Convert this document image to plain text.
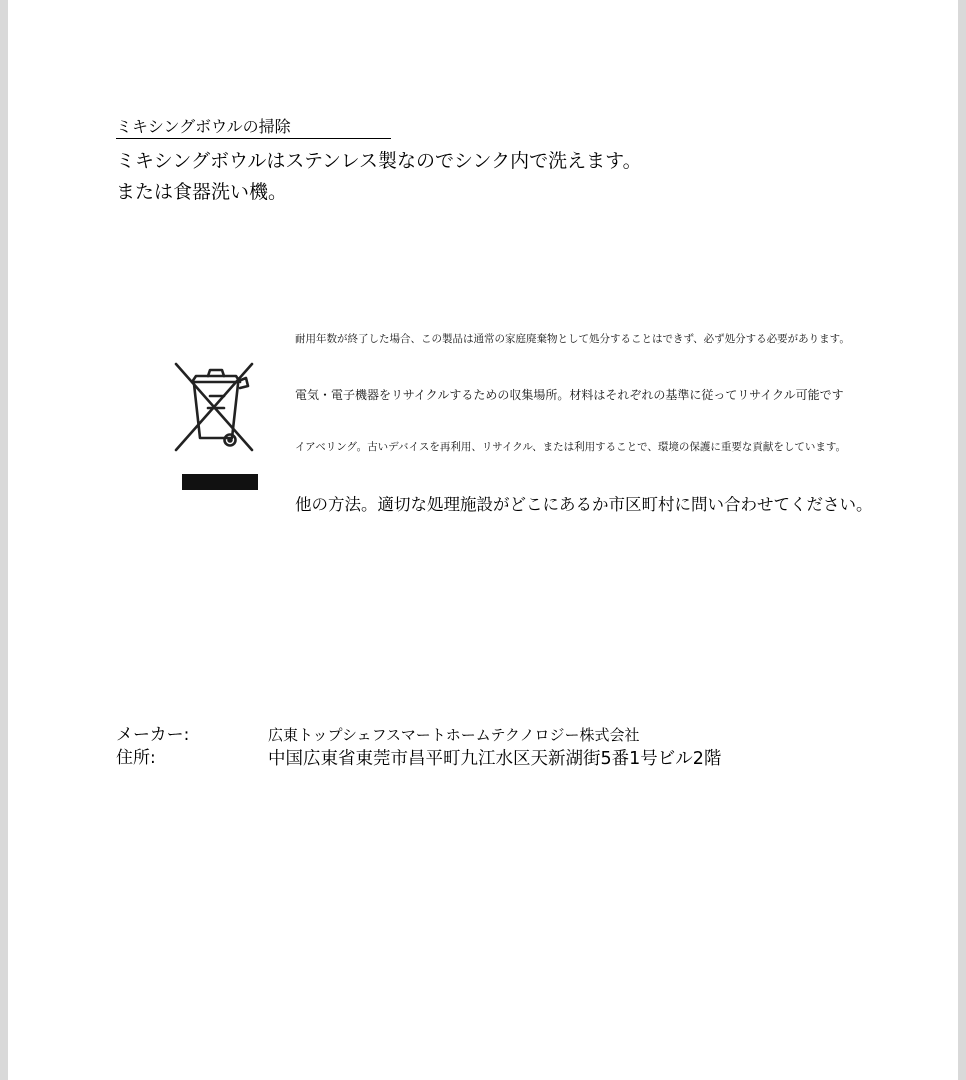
ミキシングボウルの掃除
ミキシングボウルはステンレス製なのでシンク内で洗えます。
または食器洗い機。
耐用年数が終了した場合、この製品は通常の家庭廃棄物として処分することはできず、必ず処分する必要があります。
電気・電子機器をリサイクルするための収集場所。材料はそれぞれの基準に従ってリサイクル可能です
イアベリング。古いデバイスを再利用、リサイクル、または利用することで、環境の保護に重要な貢献をしています。
他の方法。適切な処理施設がどこにあるか市区町村に問い合わせてください。
メーカー:	広東トップシェフスマートホームテクノロジー株式会社
住所:	中国広東省東莞市昌平町九江水区天新湖街5番1号ビル2階
